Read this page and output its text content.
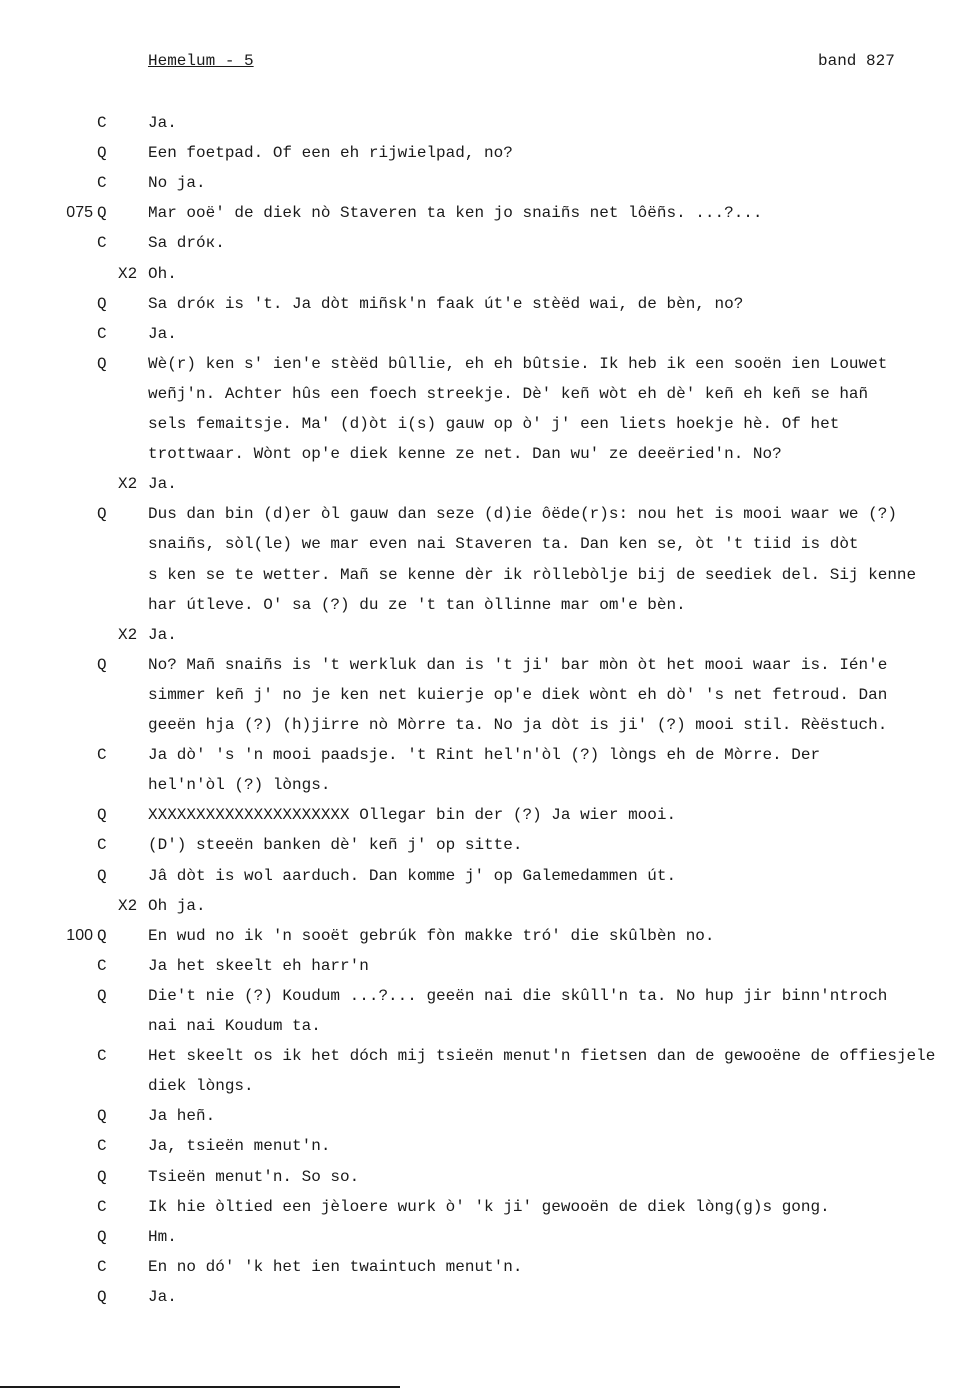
Hemelum - 5	band 827
C	Ja.
Q	Een foetpad. Of een eh rijwielpad, no?
C	No ja.
075 Q	Mar ooë' de diek nò Staveren ta ken jo snaiñs net lôëñs. ...?...
C	Sa dróк.
X2 Oh.
Q	Sa dróк is 't. Ja dòt miñsk'n faak út'e stèëd wai, de bèn, no?
C	Ja.
Q	Wè(r) ken s' ien'e stèëd bûllie, eh eh bûtsie. Ik heb ik een sooën ien Louwet
weñj'n. Achter hûs een foech streekje. Dè' keñ wòt eh dè' keñ eh keñ se hañ
sels femaitsje. Ma' (d)òt i(s) gauw op ò' j' een liets hoekje hè. Of het
trottwaar. Wònt op'e diek kenne ze net. Dan wu' ze deeëried'n. No?
X2 Ja.
Q	Dus dan bin (d)er òl gauw dan seze (d)ie ôëde(r)s: nou het is mooi waar we (?)
snaiñs, sòl(le) we mar even nai Staveren ta. Dan ken se, òt 't tiid is dòt
s ken se te wetter. Mañ se kenne dèr ik ròllebòlje bij de seediek del. Sij kenne
har útleve. O' sa (?) du ze 't tan òllinne mar om'e bèn.
X2 Ja.
Q	No? Mañ snaiñs is 't werkluk dan is 't ji' bar mòn òt het mooi waar is. Ién'e
simmer keñ j' no je ken net kuierje op'e diek wònt eh dò' 's net fetroud. Dan
geeën hja (?) (h)jirre nò Mòrre ta. No ja dòt is ji' (?) mooi stil. Rèëstuch.
C	Ja dò' 's 'n mooi paadsje. 't Rint hel'n'òl (?) lòngs eh de Mòrre. Der
hel'n'òl (?) lòngs.
Q	XXXXXXXXXXXXXXXXXXXXX Ollegar bin der (?) Ja wier mooi.
C	(D') steeën banken dè' keñ j' op sitte.
Q	Jâ dòt is wol aarduch. Dan komme j' op Galemedammen út.
X2 Oh ja.
100 Q	En wud no ik 'n sooët gebrúk fòn makke tró' die skûlbèn no.
C	Ja het skeelt eh harr'n
Q	Die't nie (?) Koudum ...?... geeën nai die skûll'n ta. No hup jir binn'ntroch
nai nai Koudum ta.
C	Het skeelt os ik het dóch mij tsieën menut'n fietsen dan de gewooëne de offiesjele
diek lòngs.
Q	Ja heñ.
C	Ja, tsieën menut'n.
Q	Tsieën menut'n. So so.
C	Ik hie òltied een jèloere wurk ò' 'k ji' gewooën de diek lòng(g)s gong.
Q	Hm.
C	En no dó' 'k het ien twaintuch menut'n.
Q	Ja.
